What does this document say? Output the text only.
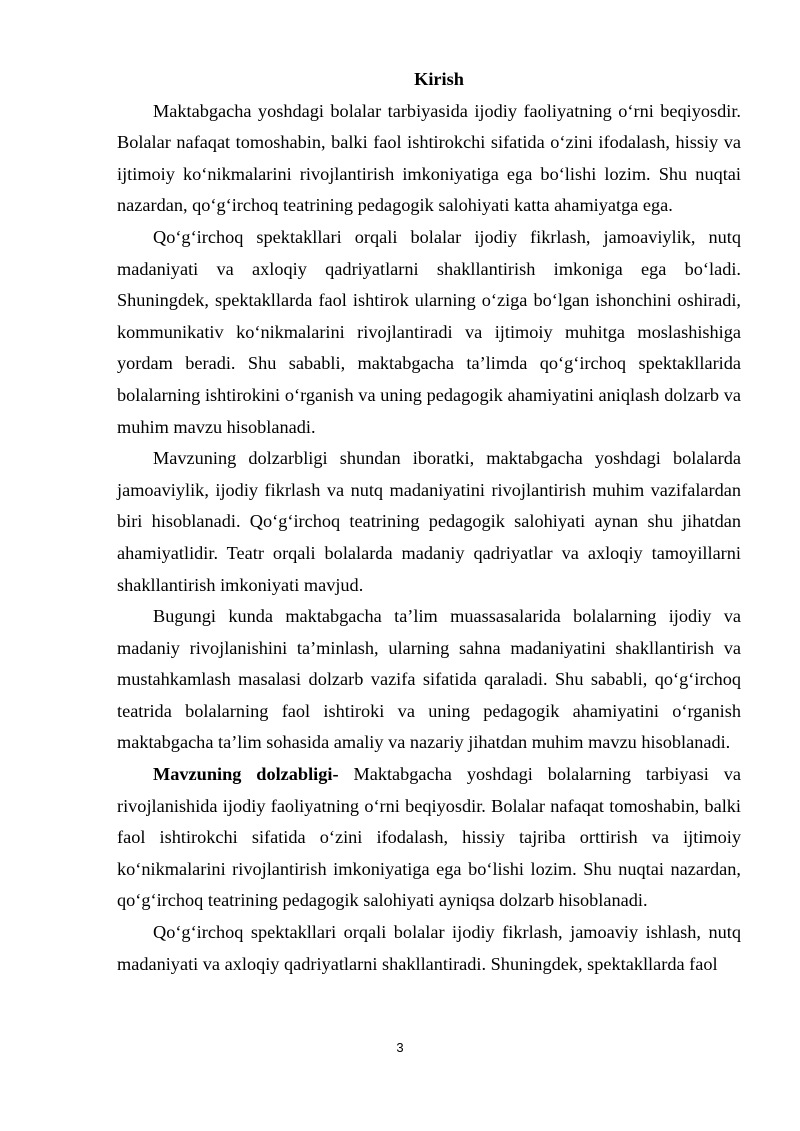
Kirish

Maktabgacha yoshdagi bolalar tarbiyasida ijodiy faoliyatning o‘rni beqiyosdir. Bolalar nafaqat tomoshabin, balki faol ishtirokchi sifatida o‘zini ifodalash, hissiy va ijtimoiy ko‘nikmalarini rivojlantirish imkoniyatiga ega bo‘lishi lozim. Shu nuqtai nazardan, qo‘g‘irchoq teatrining pedagogik salohiyati katta ahamiyatga ega.

Qo‘g‘irchoq spektakllari orqali bolalar ijodiy fikrlash, jamoaviylik, nutq madaniyati va axloqiy qadriyatlarni shakllantirish imkoniga ega bo‘ladi. Shuningdek, spektakllarda faol ishtirok ularning o‘ziga bo‘lgan ishonchini oshiradi, kommunikativ ko‘nikmalarini rivojlantiradi va ijtimoiy muhitga moslashishiga yordam beradi. Shu sababli, maktabgacha ta’limda qo‘g‘irchoq spektakllarida bolalarning ishtirokini o‘rganish va uning pedagogik ahamiyatini aniqlash dolzarb va muhim mavzu hisoblanadi.

Mavzuning dolzarbligi shundan iboratki, maktabgacha yoshdagi bolalarda jamoaviylik, ijodiy fikrlash va nutq madaniyatini rivojlantirish muhim vazifalardan biri hisoblanadi. Qo‘g‘irchoq teatrining pedagogik salohiyati aynan shu jihatdan ahamiyatlidir. Teatr orqali bolalarda madaniy qadriyatlar va axloqiy tamoyillarni shakllantirish imkoniyati mavjud.

Bugungi kunda maktabgacha ta’lim muassasalarida bolalarning ijodiy va madaniy rivojlanishini ta’minlash, ularning sahna madaniyatini shakllantirish va mustahkamlash masalasi dolzarb vazifa sifatida qaraladi. Shu sababli, qo‘g‘irchoq teatrida bolalarning faol ishtiroki va uning pedagogik ahamiyatini o‘rganish maktabgacha ta’lim sohasida amaliy va nazariy jihatdan muhim mavzu hisoblanadi.

Mavzuning dolzabligi- Maktabgacha yoshdagi bolalarning tarbiyasi va rivojlanishida ijodiy faoliyatning o‘rni beqiyosdir. Bolalar nafaqat tomoshabin, balki faol ishtirokchi sifatida o‘zini ifodalash, hissiy tajriba orttirish va ijtimoiy ko‘nikmalarini rivojlantirish imkoniyatiga ega bo‘lishi lozim. Shu nuqtai nazardan, qo‘g‘irchoq teatrining pedagogik salohiyati ayniqsa dolzarb hisoblanadi.

Qo‘g‘irchoq spektakllari orqali bolalar ijodiy fikrlash, jamoaviy ishlash, nutq madaniyati va axloqiy qadriyatlarni shakllantiradi. Shuningdek, spektakllarda faol

3
